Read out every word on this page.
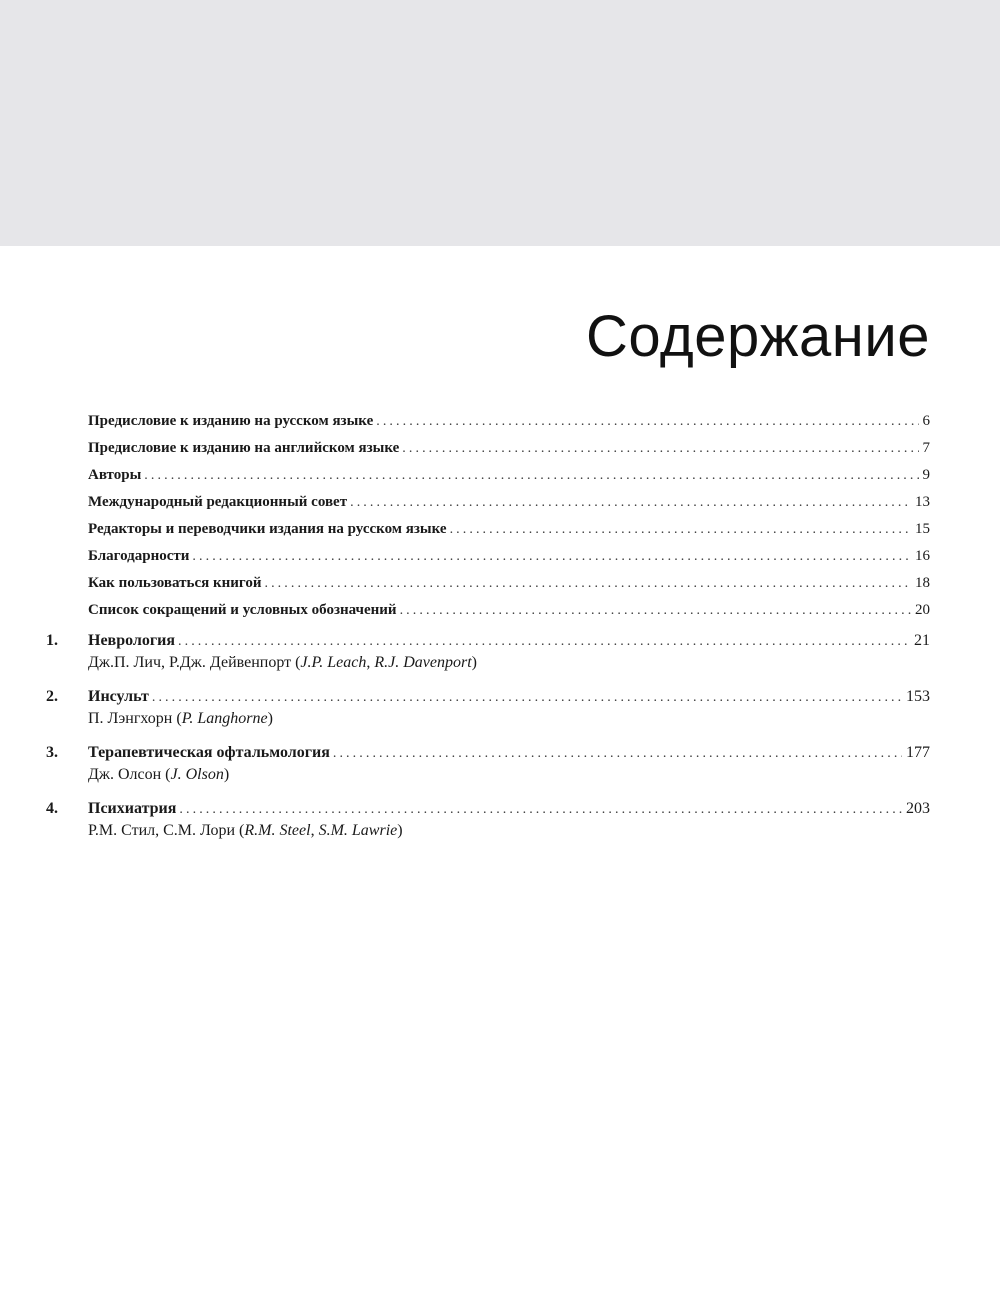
Содержание
Предисловие к изданию на русском языке .....	6
Предисловие к изданию на английском языке .....	7
Авторы .....	9
Международный редакционный совет .....	13
Редакторы и переводчики издания на русском языке .....	15
Благодарности .....	16
Как пользоваться книгой .....	18
Список сокращений и условных обозначений .....	20
1.	Неврология .....	21
Дж.П. Лич, Р.Дж. Дейвенпорт (J.P. Leach, R.J. Davenport)
2.	Инсульт .....	153
П. Лэнгхорн (P. Langhorne)
3.	Терапевтическая офтальмология .....	177
Дж. Олсон (J. Olson)
4.	Психиатрия .....	203
Р.М. Стил, С.М. Лори (R.M. Steel, S.M. Lawrie)
